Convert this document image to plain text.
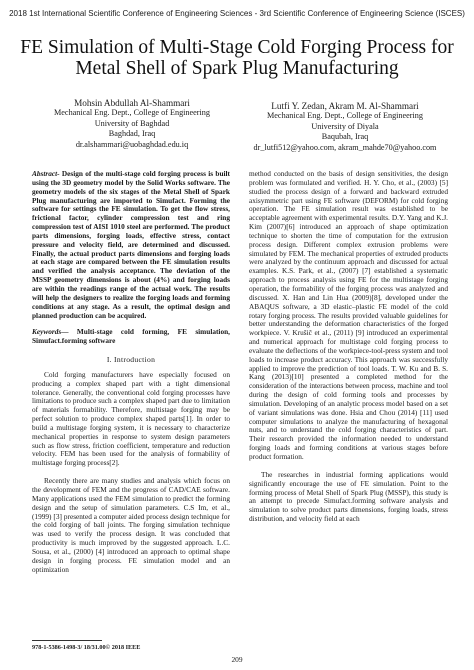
2018 1st International Scientific Conference of Engineering Sciences - 3rd Scientific Conference of Engineering Science (ISCES)
FE Simulation of Multi-Stage Cold Forging Process for Metal Shell of Spark Plug Manufacturing
Mohsin Abdullah Al-Shammari
Mechanical Eng. Dept., College of Engineering
University of Baghdad
Baghdad, Iraq
dr.alshammari@uobaghdad.edu.iq
Lutfi Y. Zedan, Akram M. Al-Shammari
Mechanical Eng. Dept., College of Engineering
University of Diyala
Baqubah, Iraq
dr_lutfi512@yahoo.com, akram_mahde70@yahoo.com
Abstract- Design of the multi-stage cold forging process is built using the 3D geometry model by the Solid Works software. The geometry models of the six stages of the Metal Shell of Spark Plug manufacturing are imported to Simufact. Forming the software for settings the FE simulation. To get the flow stress, frictional factor, cylinder compression test and ring compression test of AISI 1010 steel are performed. The product parts dimensions, forging loads, effective stress, contact pressure and velocity field, are determined and discussed. Finally, the actual product parts dimensions and forging loads at each stage are compared between the FE simulation results and verified the analysis acceptance. The deviation of the MSSP geometry dimensions is about (4%) and forging loads are within the readings range of the actual work. The results will help the designers to realize the forging loads and forming conditions at any stage. As a result, the optimal design and planned production can be acquired.
Keywords— Multi-stage cold forming, FE simulation, Simufact.forming software
I. Introduction

Cold forging manufacturers have especially focused on producing a complex shaped part with a tight dimensional tolerance. Generally, the conventional cold forging processes have limitations to produce such a complex shaped part due to limitation of materials formability. Therefore, multistage forging may be perfect solution to produce complex shaped parts[1]. In order to build a multistage forging system, it is necessary to characterize mechanical properties in response to system design parameters such as flow stress, friction coefficient, temperature and reduction velocity. FEM has been used for the analysis of formability of multistage forging process[2].

Recently there are many studies and analysis which focus on the development of FEM and the progress of CAD/CAE software. Many applications used the FEM simulation to predict the forming design and the setup of simulation parameters. C.S Im, et al., (1999) [3] presented a computer aided process design technique for the cold forging of ball joints. The forging simulation technique was used to verify the process design. It was concluded that productivity is much improved by the suggested approach. L.C. Sousa, et al., (2000) [4] introduced an approach to optimal shape design in forging process. FE simulation model and an optimization

method conducted on the basis of design sensitivities, the design problem was formulated and verified. H. Y. Cho, et al., (2003) [5] studied the process design of a forward and backward extruded axisymmetric part using FE software (DEFORM) for cold forging operation. The FE simulation result was established to be acceptable agreement with experimental results. D.Y. Yang and K.J. Kim (2007)[6] introduced an approach of shape optimization technique to shorten the time of computation for the extrusion process design. Different complex extrusion problems were simulated by FEM. The mechanical properties of extruded products were analyzed by the continuum approach and discussed for actual examples. K.S. Park, et al., (2007) [7] established a systematic approach to process analysis using FE for the multistage forging operation, the formability of the forging process was analyzed and discussed. X. Han and Lin Hua (2009)[8], developed under the ABAQUS software, a 3D elastic–plastic FE model of the cold rotary forging process. The results provided valuable guidelines for better understanding the deformation characteristics of the forged workpiece. V. Krušič et al., (2011) [9] introduced an experimental and numerical approach for multistage cold forging process to evaluate the deflections of the workpiece-tool-press system and tool loads to increase product accuracy. This approach was successfully applied to improve the prediction of tool loads. T. W. Ku and B. S. Kang (2013)[10] presented a completed method for the consideration of the interactions between process, machine and tool during the design of cold forming tools and processes by simulation. Developing of an analytic process model based on a set of variant simulations was done. Hsia and Chou (2014) [11] used computer simulations to analyze the manufacturing of hexagonal nuts, and to understand the cold forging characteristics of part. Their research provided the information needed to understand forging loads and forming conditions at various stages before product formation.

The researches in industrial forming applications would significantly encourage the use of FE simulation. Point to the forming process of Metal Shell of Spark Plug (MSSP), this study is an attempt to precede Simufact.forming software analysis and simulation to solve product parts dimensions, forging loads, stress distribution, and velocity field at each

978-1-5386-1498-3/ 18/31.00© 2018 IEEE
209
